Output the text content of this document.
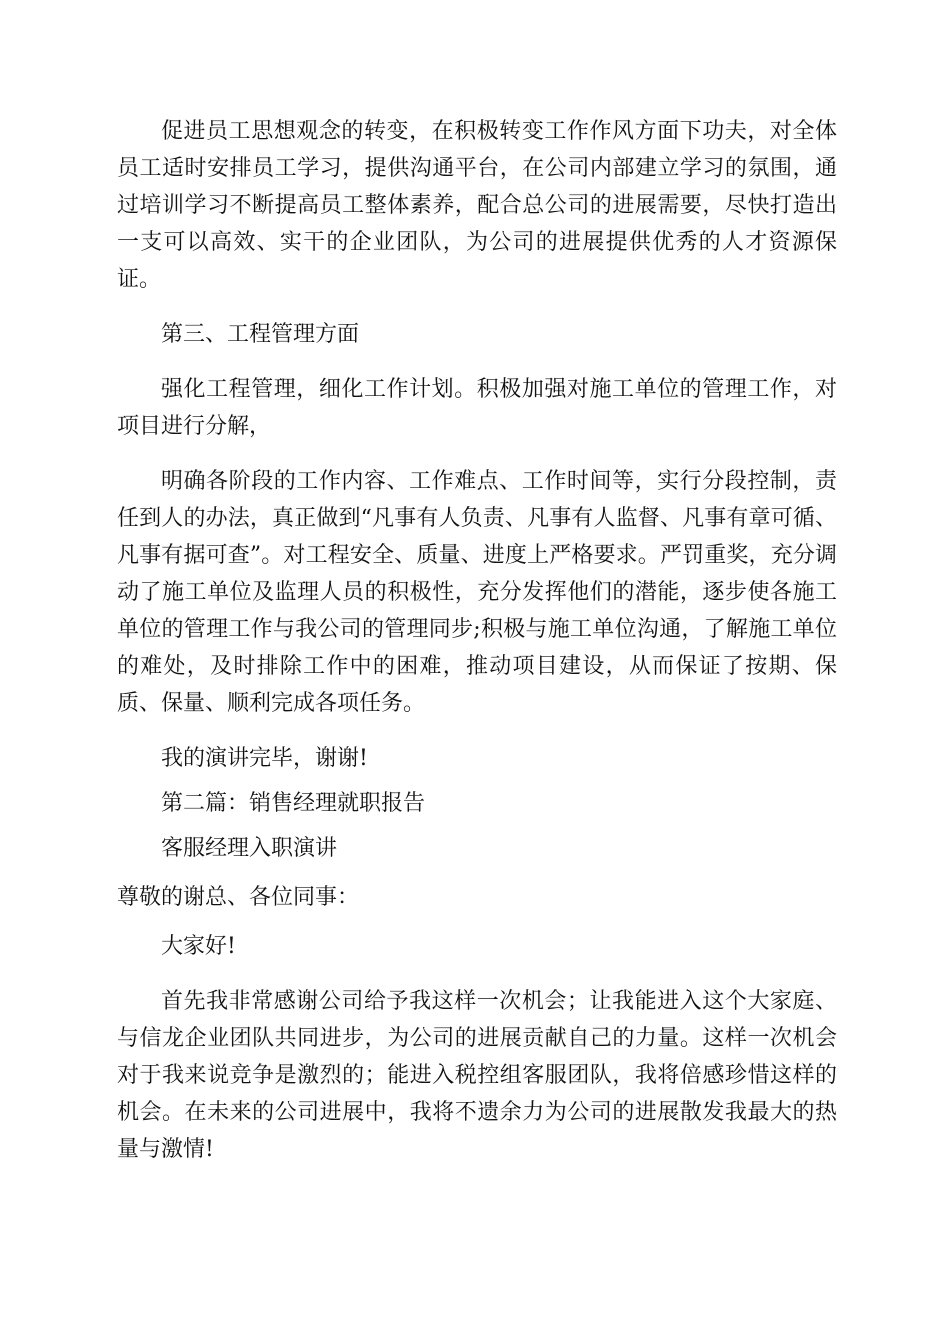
促进员工思想观念的转变，在积极转变工作作风方面下功夫，对全体员工适时安排员工学习，提供沟通平台，在公司内部建立学习的氛围，通过培训学习不断提高员工整体素养，配合总公司的进展需要，尽快打造出一支可以高效、实干的企业团队，为公司的进展提供优秀的人才资源保证。

第三、工程管理方面

强化工程管理，细化工作计划。积极加强对施工单位的管理工作，对项目进行分解，

明确各阶段的工作内容、工作难点、工作时间等，实行分段控制，责任到人的办法，真正做到“凡事有人负责、凡事有人监督、凡事有章可循、凡事有据可查”。对工程安全、质量、进度上严格要求。严罚重奖，充分调动了施工单位及监理人员的积极性，充分发挥他们的潜能，逐步使各施工单位的管理工作与我公司的管理同步;积极与施工单位沟通，了解施工单位的难处，及时排除工作中的困难，推动项目建设，从而保证了按期、保质、保量、顺利完成各项任务。

我的演讲完毕，谢谢!

第二篇：销售经理就职报告

客服经理入职演讲

尊敬的谢总、各位同事：

大家好!

首先我非常感谢公司给予我这样一次机会；让我能进入这个大家庭、与信龙企业团队共同进步，为公司的进展贡献自己的力量。这样一次机会对于我来说竞争是激烈的；能进入税控组客服团队，我将倍感珍惜这样的机会。在未来的公司进展中，我将不遗余力为公司的进展散发我最大的热量与激情!
